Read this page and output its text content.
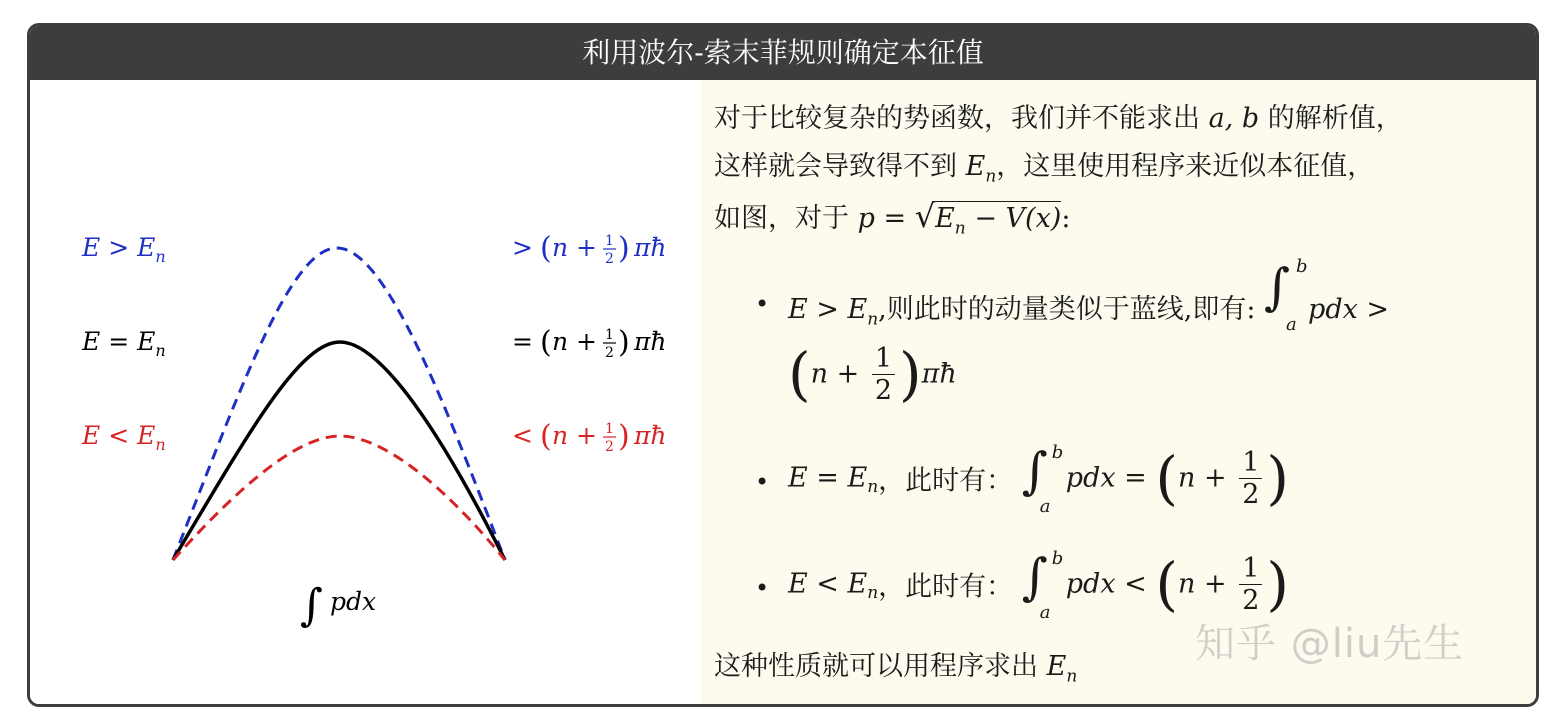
利用波尔-索末菲规则确定本征值
$E > E_n$
$E = E_n$
$E < E_n$
> ( n + 1
2 ) πħ
= ( n + 1
2 ) πħ
< ( n + 1
2 ) πħ
∫ pdx
对于比较复杂的势函数，我们并不能求出 a, b 的解析值，
这样就会导致得不到 $E_n$，这里使用程序来近似本征值，
如图，对于 $p = √E_n - V(x)$:
• $E > E_n$,则此时的动量类似于蓝线,即有: ∫ b
a pdx >
($n + \frac{1}{2}$ )πħ
• $E = E_n$，此时有： ∫ b
a
pdx = ($n + \frac{1}{2}$ )
• $E < E_n$，此时有： ∫ b
a
pdx < ($n + \frac{1}{2}$ )
这种性质就可以用程序求出 $E_n$
知乎 @liu先生
